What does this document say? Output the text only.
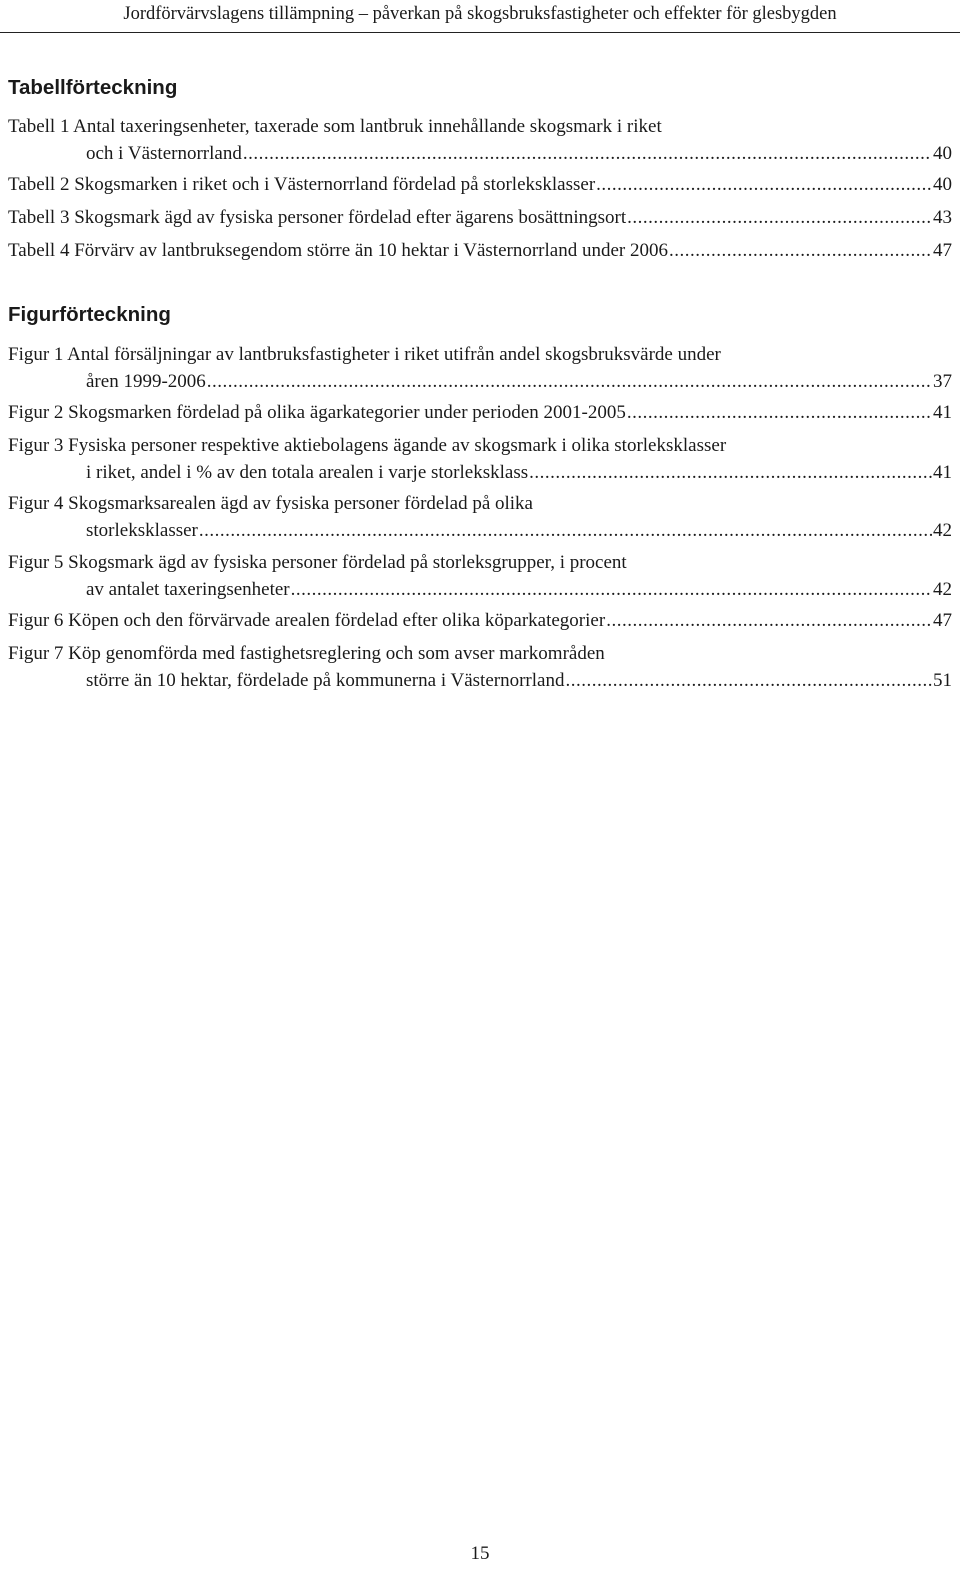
Jordförvärvslagens tillämpning – påverkan på skogsbruksfastigheter och effekter för glesbygden
Tabellförteckning
Tabell 1 Antal taxeringsenheter, taxerade som lantbruk innehållande skogsmark i riket
och i Västernorrland .....	40
Tabell 2 Skogsmarken i riket och i Västernorrland fördelad på storleksklasser .....	40
Tabell 3 Skogsmark ägd av fysiska personer fördelad efter ägarens bosättningsort .....	43
Tabell 4 Förvärv av lantbruksegendom större än 10 hektar i Västernorrland under 2006 .....	47
Figurförteckning
Figur 1 Antal försäljningar av lantbruksfastigheter i riket utifrån andel skogsbruksvärde under
åren 1999-2006 .....	37
Figur 2 Skogsmarken fördelad på olika ägarkategorier under perioden 2001-2005 .....	41
Figur 3 Fysiska personer respektive aktiebolagens ägande av skogsmark i olika storleksklasser
i riket, andel i % av den totala arealen i varje storleksklass .....	41
Figur 4 Skogsmarksarealen ägd av fysiska personer fördelad på olika
storleksklasser .....	42
Figur 5 Skogsmark ägd av fysiska personer fördelad på storleksgrupper, i procent
av antalet taxeringsenheter .....	42
Figur 6 Köpen och den förvärvade arealen fördelad efter olika köparkategorier .....	47
Figur 7 Köp genomförda med fastighetsreglering och som avser markområden
större än 10 hektar, fördelade på kommunerna i Västernorrland .....	51
15
